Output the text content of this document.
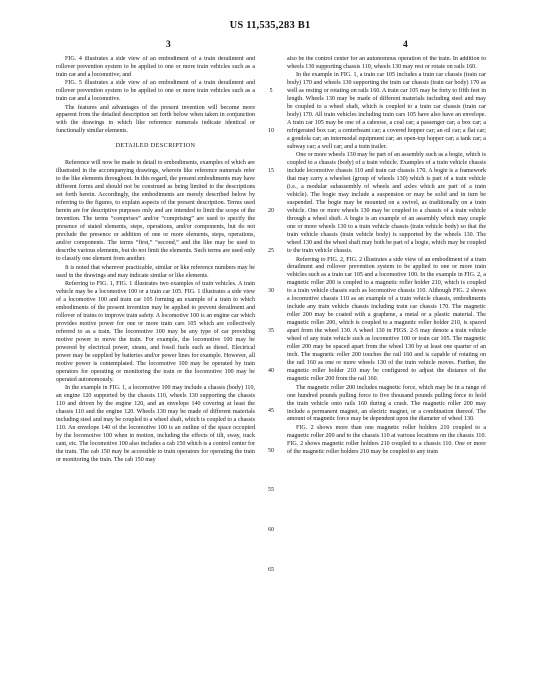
US 11,535,283 B1
3	4

FIG. 4 illustrates a side view of an embodiment of a train derailment and rollover prevention system to be applied to one or more train vehicles such as a train car and a locomotive; and

FIG. 5 illustrates a side view of an embodiment of a train derailment and rollover prevention system to be applied to one or more train vehicles such as a train car and a locomotive.

The features and advantages of the present invention will become more apparent from the detailed description set forth below when taken in conjunction with the drawings in which like reference numerals indicate identical or functionally similar elements.

DETAILED DESCRIPTION

Reference will now be made in detail to embodiments, examples of which are illustrated in the accompanying drawings, wherein like reference numerals refer to the like elements throughout. In this regard, the present embodiments may have different forms and should not be construed as being limited to the descriptions set forth herein. Accordingly, the embodiments are merely described below by referring to the figures, to explain aspects of the present description. Terms used herein are for descriptive purposes only and are intended to limit the scope of the invention. The terms “comprises” and/or “comprising” are used to specify the presence of stated elements, steps, operations, and/or components, but do not preclude the presence or addition of one or more elements, steps, operations, and/or components. The terms “first,” “second,” and the like may be used to describe various elements, but do not limit the elements. Such terms are used only to classify one element from another.

It is noted that wherever practicable, similar or like reference numbers may be used in the drawings and may indicate similar or like elements.

Referring to FIG. 1, FIG. 1 illustrates two examples of train vehicles. A train vehicle may be a locomotive 100 or a train car 105. FIG. 1 illustrates a side view of a locomotive 100 and train car 105 forming an example of a train to which embodiments of the present invention may be applied to prevent derailment and rollover of trains to improve train safety. A locomotive 100 is an engine car which provides motive power for one or more train cars 105 which are collectively referred to as a train. The locomotive 100 may be any type of car providing motive power to move the train. For example, the locomotive 100 may be powered by electrical power, steam, and fossil fuels such as diesel. Electrical power may be supplied by batteries and/or power lines for example. However, all motive power is contemplated. The locomotive 100 may be operated by train operators for operating or monitoring the train or the locomotive 100 may be operated autonomously.

In the example in FIG. 1, a locomotive 100 may include a chassis (body) 110, an engine 120 supported by the chassis 110, wheels 130 supporting the chassis 110 and driven by the engine 120, and an envelope 140 covering at least the chassis 110 and the engine 120. Wheels 130 may be made of different materials including steel and may be coupled to a wheel shaft, which is coupled to a chassis 110. An envelope 140 of the locomotive 100 is an outline of the space occupied by the locomotive 100 when in motion, including the effects of tilt, sway, track cant, etc. The locomotive 100 also includes a cab 150 which is a control center for the train. The cab 150 may be accessible to train operators for operating the train or monitoring the train. The cab 150 may

5
10
15
20
25
30
35
40
45
50
55
60
65

also be the control center for an autonomous operation of the train. In addition to wheels 130 supporting chassis 110, wheels 130 may rest or rotate on rails 160.

In the example in FIG. 1, a train car 105 includes a train car chassis (train car body) 170 and wheels 130 supporting the train car chassis (train car body) 170 as well as resting or rotating on rails 160. A train car 105 may be forty to fifth feet in length. Wheels 130 may be made of different materials including steel and may be coupled to a wheel shaft, which is coupled to a train car chassis (train car body) 170. All train vehicles including train cars 105 have also have an envelope. A train car 105 may be one of a caboose, a coal car; a passenger car; a box car; a refrigerated box car; a centerbeam car; a covered hopper car; an oil car; a flat car; a gondola car; an intermodal equipment car; an open-top hopper car; a tank car; a subway car; a well car; and a train trailer.

One or more wheels 130 may be part of an assembly such as a bogie, which is coupled to a chassis (body) of a train vehicle. Examples of a train vehicle chassis include locomotive chassis 110 and train car chassis 170. A bogie is a framework that may carry a wheelset (group of wheels 130) which is part of a train vehicle (i.e., a modular subassembly of wheels and axles which are part of a train vehicle). The bogie may include a suspension or may be solid and in turn be suspended. The bogie may be mounted on a swivel, as traditionally on a train vehicle. One or more wheels 130 may be coupled to a chassis of a train vehicle through a wheel shaft. A bogie is an example of an assembly which may couple one or more wheels 130 to a train vehicle chassis (train vehicle body) so that the train vehicle chassis (train vehicle body) is supported by the wheels 130. The wheel 130 and the wheel shaft may both be part of a bogie, which may be coupled to the train vehicle chassis.

Referring to FIG. 2, FIG. 2 illustrates a side view of an embodiment of a train derailment and rollover prevention system to be applied to one or more train vehicles such as a train car 105 and a locomotive 100. In the example in FIG. 2, a magnetic roller 200 is coupled to a magnetic roller holder 210, which is coupled to a train vehicle chassis such as locomotive chassis 110. Although FIG. 2 shows a locomotive chassis 110 as an example of a train vehicle chassis, embodiments include any train vehicle chassis including train car chassis 170. The magnetic roller 200 may be coated with a graphene, a metal or a plastic material. The magnetic roller 200, which is coupled to a magnetic roller holder 210, is spaced apart from the wheel 130. A wheel 130 in FIGS. 2-5 may denote a train vehicle wheel of any train vehicle such as locomotive 100 or train car 105. The magnetic roller 200 may be spaced apart from the wheel 130 by at least one quarter of an inch. The magnetic roller 200 touches the rail 160 and is capable of rotating on the rail 160 as one or more wheels 130 of the train vehicle moves. Further, the magnetic roller holder 210 may be configured to adjust the distance of the magnetic roller 200 from the rail 160.

The magnetic roller 200 includes magnetic force, which may be in a range of one hundred pounds pulling force to five thousand pounds pulling force to hold the train vehicle onto rails 160 during a crash. The magnetic roller 200 may include a permanent magnet, an electric magnet, or a combination thereof. The amount of magnetic force may be dependent upon the diameter of wheel 130.

FIG. 2 shows more than one magnetic roller holders 210 coupled to a magnetic roller 200 and to the chassis 110 at various locations on the chassis 110. FIG. 2 shows magnetic roller holders 210 coupled to a chassis 110. One or more of the magnetic roller holders 210 may be coupled to any train
